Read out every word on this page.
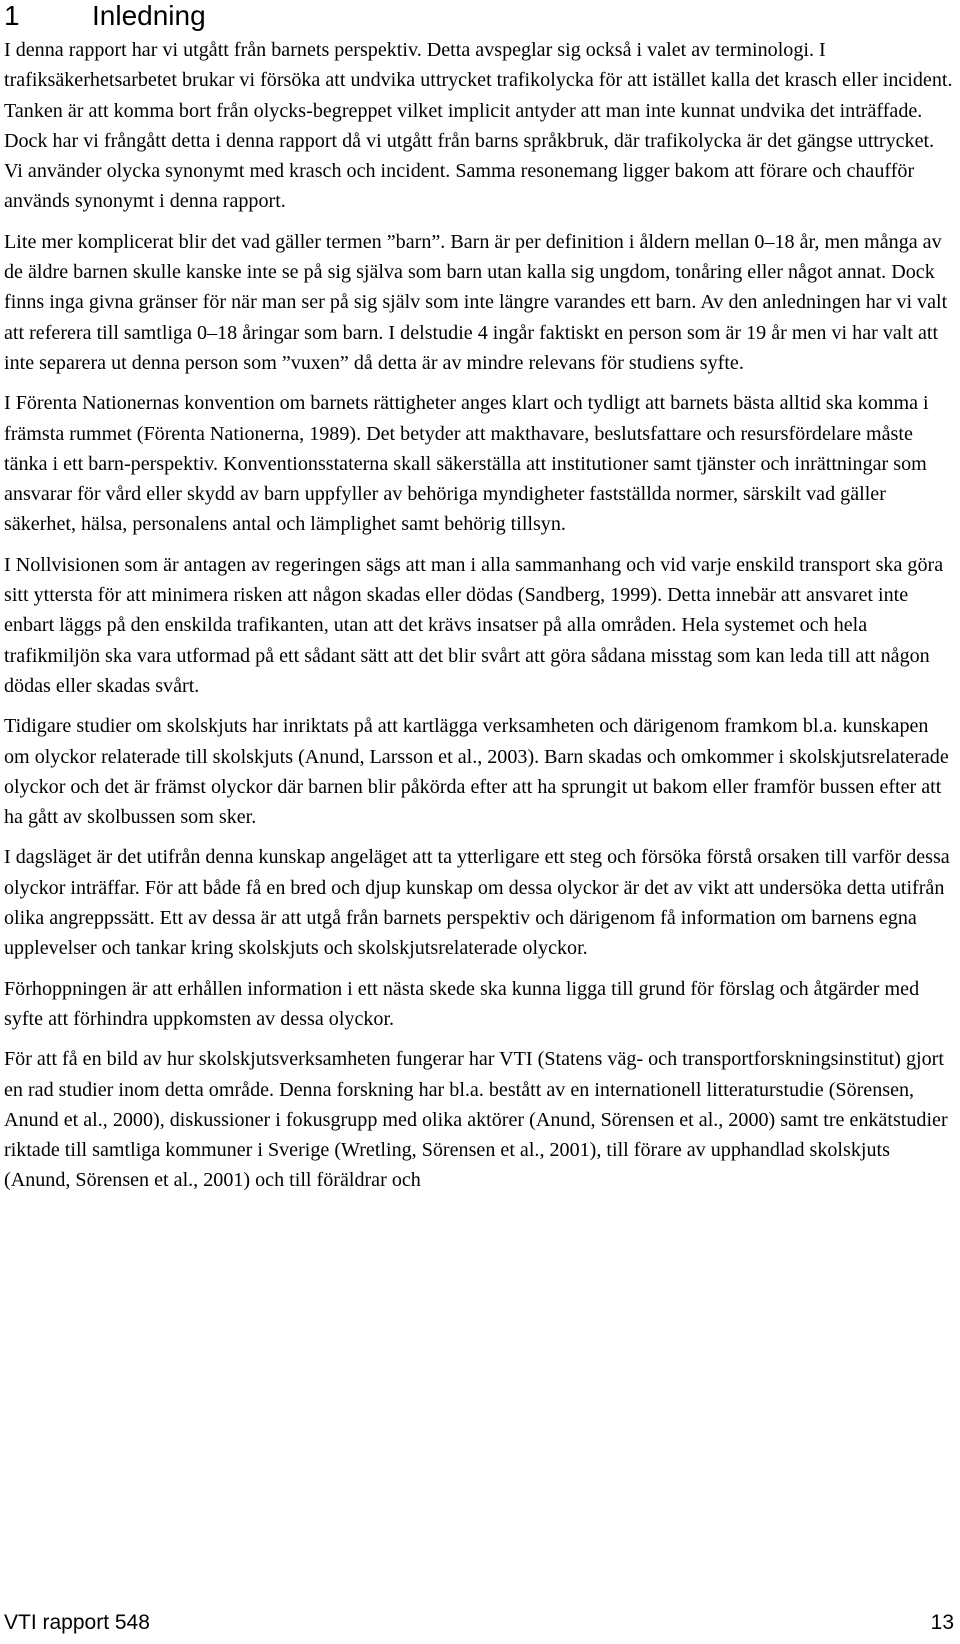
1	Inledning

I denna rapport har vi utgått från barnets perspektiv. Detta avspeglar sig också i valet av terminologi. I trafiksäkerhetsarbetet brukar vi försöka att undvika uttrycket trafikolycka för att istället kalla det krasch eller incident. Tanken är att komma bort från olycks-begreppet vilket implicit antyder att man inte kunnat undvika det inträffade. Dock har vi frångått detta i denna rapport då vi utgått från barns språkbruk, där trafikolycka är det gängse uttrycket. Vi använder olycka synonymt med krasch och incident. Samma resonemang ligger bakom att förare och chaufför används synonymt i denna rapport.

Lite mer komplicerat blir det vad gäller termen ”barn”. Barn är per definition i åldern mellan 0–18 år, men många av de äldre barnen skulle kanske inte se på sig själva som barn utan kalla sig ungdom, tonåring eller något annat. Dock finns inga givna gränser för när man ser på sig själv som inte längre varandes ett barn. Av den anledningen har vi valt att referera till samtliga 0–18 åringar som barn. I delstudie 4 ingår faktiskt en person som är 19 år men vi har valt att inte separera ut denna person som ”vuxen” då detta är av mindre relevans för studiens syfte.

I Förenta Nationernas konvention om barnets rättigheter anges klart och tydligt att barnets bästa alltid ska komma i främsta rummet (Förenta Nationerna, 1989). Det betyder att makthavare, beslutsfattare och resursfördelare måste tänka i ett barn-perspektiv. Konventionsstaterna skall säkerställa att institutioner samt tjänster och inrättningar som ansvarar för vård eller skydd av barn uppfyller av behöriga myndigheter fastställda normer, särskilt vad gäller säkerhet, hälsa, personalens antal och lämplighet samt behörig tillsyn.

I Nollvisionen som är antagen av regeringen sägs att man i alla sammanhang och vid varje enskild transport ska göra sitt yttersta för att minimera risken att någon skadas eller dödas (Sandberg, 1999). Detta innebär att ansvaret inte enbart läggs på den enskilda trafikanten, utan att det krävs insatser på alla områden. Hela systemet och hela trafikmiljön ska vara utformad på ett sådant sätt att det blir svårt att göra sådana misstag som kan leda till att någon dödas eller skadas svårt.

Tidigare studier om skolskjuts har inriktats på att kartlägga verksamheten och därigenom framkom bl.a. kunskapen om olyckor relaterade till skolskjuts (Anund, Larsson et al., 2003). Barn skadas och omkommer i skolskjutsrelaterade olyckor och det är främst olyckor där barnen blir påkörda efter att ha sprungit ut bakom eller framför bussen efter att ha gått av skolbussen som sker.

I dagsläget är det utifrån denna kunskap angeläget att ta ytterligare ett steg och försöka förstå orsaken till varför dessa olyckor inträffar. För att både få en bred och djup kunskap om dessa olyckor är det av vikt att undersöka detta utifrån olika angreppssätt. Ett av dessa är att utgå från barnets perspektiv och därigenom få information om barnens egna upplevelser och tankar kring skolskjuts och skolskjutsrelaterade olyckor.

Förhoppningen är att erhållen information i ett nästa skede ska kunna ligga till grund för förslag och åtgärder med syfte att förhindra uppkomsten av dessa olyckor.

För att få en bild av hur skolskjutsverksamheten fungerar har VTI (Statens väg- och transportforskningsinstitut) gjort en rad studier inom detta område. Denna forskning har bl.a. bestått av en internationell litteraturstudie (Sörensen, Anund et al., 2000), diskussioner i fokusgrupp med olika aktörer (Anund, Sörensen et al., 2000) samt tre enkätstudier riktade till samtliga kommuner i Sverige (Wretling, Sörensen et al., 2001), till förare av upphandlad skolskjuts (Anund, Sörensen et al., 2001) och till föräldrar och

VTI rapport 548	13
